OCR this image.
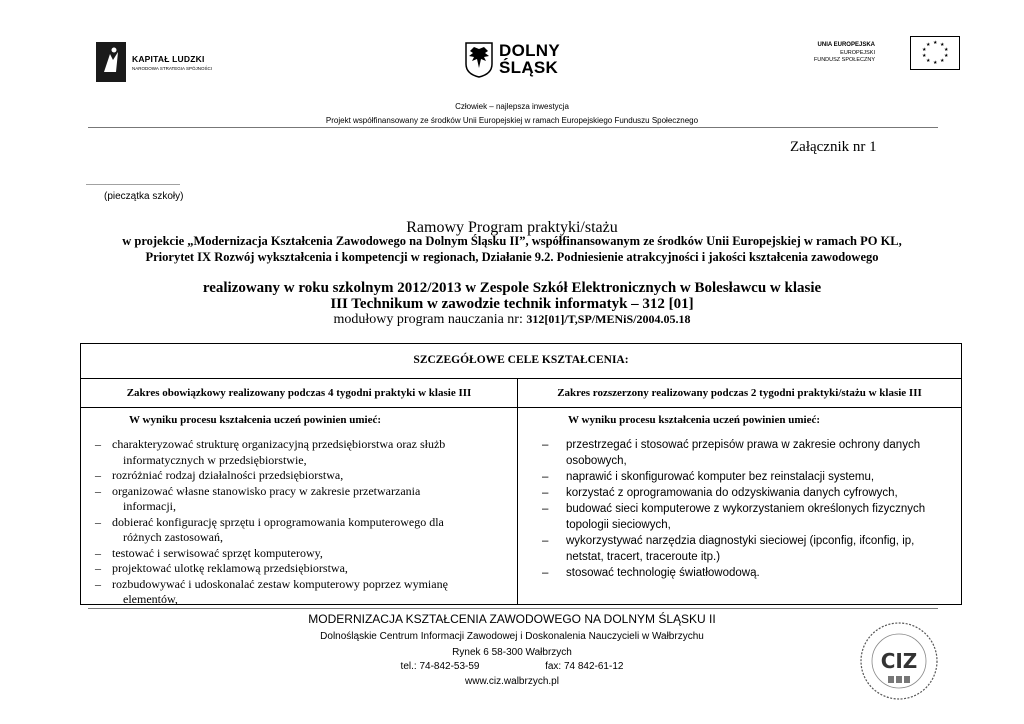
KAPITAŁ LUDZKI
NARODOWA STRATEGIA SPÓJNOŚCI
DOLNY
ŚLĄSK
UNIA EUROPEJSKA
EUROPEJSKI
FUNDUSZ SPOŁECZNY
★ ★
★
★
★
★
★
★
★
★
Człowiek – najlepsza inwestycja
Projekt współfinansowany ze środków Unii Europejskiej w ramach Europejskiego Funduszu Społecznego
Załącznik nr 1
...............................................
(pieczątka szkoły)
Ramowy Program praktyki/stażu
w projekcie „Modernizacja Kształcenia Zawodowego na Dolnym Śląsku II”, współfinansowanym ze środków Unii Europejskiej w ramach PO KL,
Priorytet IX Rozwój wykształcenia i kompetencji w regionach, Działanie 9.2. Podniesienie atrakcyjności i jakości kształcenia zawodowego
realizowany w roku szkolnym 2012/2013 w Zespole Szkół Elektronicznych w Bolesławcu w klasie
III Technikum w zawodzie technik informatyk – 312 [01]
modułowy program nauczania nr: 312[01]/T,SP/MENiS/2004.05.18
SZCZEGÓŁOWE CELE KSZTAŁCENIA:
Zakres obowiązkowy realizowany podczas 4 tygodni praktyki w klasie III	Zakres rozszerzony realizowany podczas 2 tygodni praktyki/stażu w klasie III
W wyniku procesu kształcenia uczeń powinien umieć:
– charakteryzować strukturę organizacyjną przedsiębiorstwa oraz służb
informatycznych w przedsiębiorstwie,
– rozróżniać rodzaj działalności przedsiębiorstwa,
– organizować własne stanowisko pracy w zakresie przetwarzania
informacji,
– dobierać konfigurację sprzętu i oprogramowania komputerowego dla
różnych zastosowań,
– testować i serwisować sprzęt komputerowy,
– projektować ulotkę reklamową przedsiębiorstwa,
– rozbudowywać i udoskonalać zestaw komputerowy poprzez wymianę
elementów,
W wyniku procesu kształcenia uczeń powinien umieć:
– przestrzegać i stosować przepisów prawa w zakresie ochrony danych
osobowych,
– naprawić i skonfigurować komputer bez reinstalacji systemu,
– korzystać z oprogramowania do odzyskiwania danych cyfrowych,
– budować sieci komputerowe z wykorzystaniem określonych fizycznych
topologii sieciowych,
– wykorzystywać narzędzia diagnostyki sieciowej (ipconfig, ifconfig, ip,
netstat, tracert, traceroute itp.)
– stosować technologię światłowodową.
MODERNIZACJA KSZTAŁCENIA ZAWODOWEGO NA DOLNYM ŚLĄSKU II
Dolnośląskie Centrum Informacji Zawodowej i Doskonalenia Nauczycieli w Wałbrzychu
Rynek 6 58-300 Wałbrzych
tel.: 74-842-53-59	fax: 74 842-61-12
www.ciz.walbrzych.pl
CIZ
